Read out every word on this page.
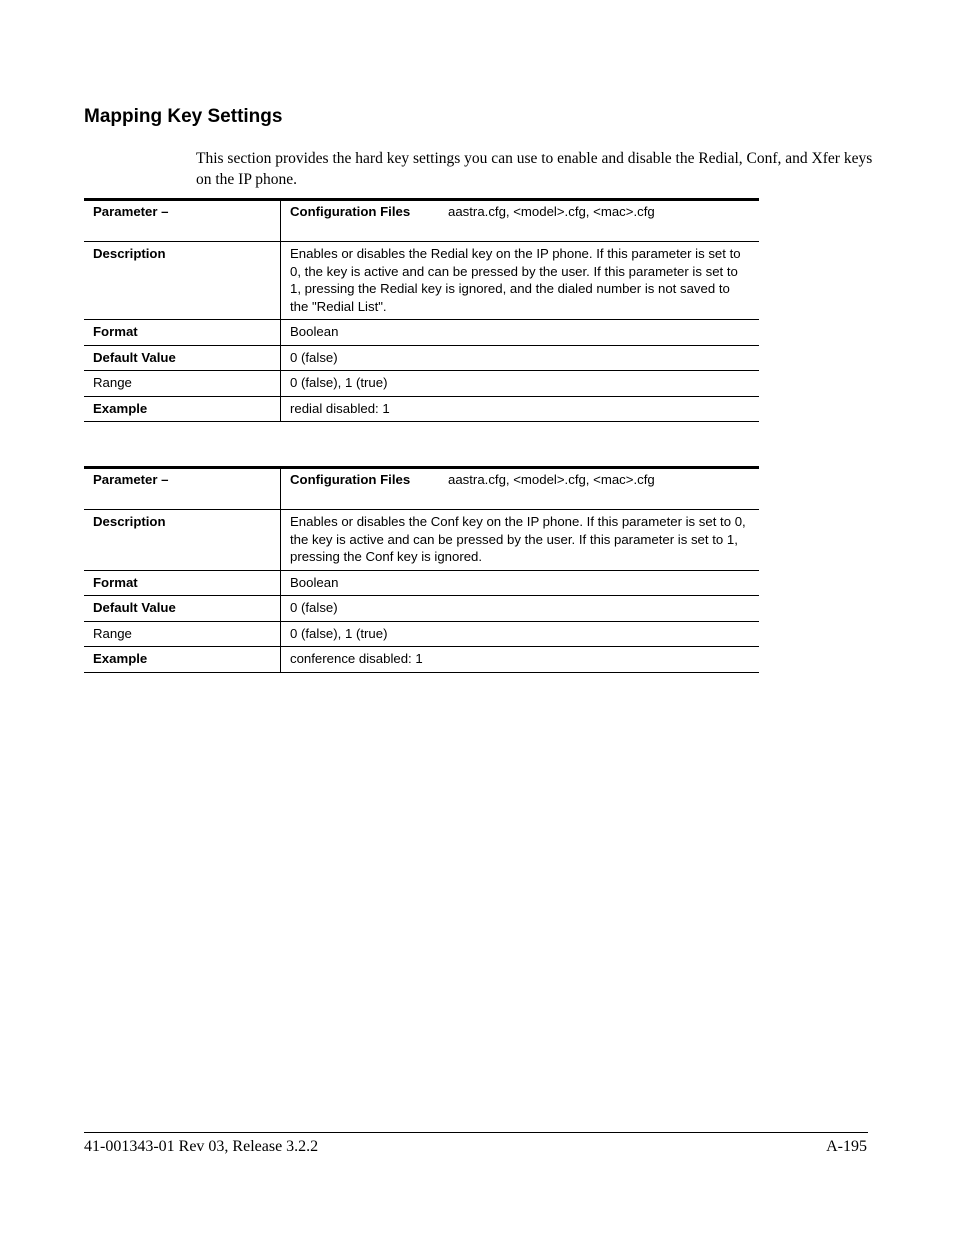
Mapping Key Settings

This section provides the hard key settings you can use to enable and disable the Redial, Conf, and Xfer keys on the IP phone.

Parameter –	Configuration Files aastra.cfg, <model>.cfg, <mac>.cfg
Description	Enables or disables the Redial key on the IP phone. If this parameter is set to 0, the key is active and can be pressed by the user. If this parameter is set to 1, pressing the Redial key is ignored, and the dialed number is not saved to the "Redial List".
Format	Boolean
Default Value	0 (false)
Range	0 (false), 1 (true)
Example	redial disabled: 1
Parameter –	Configuration Files aastra.cfg, <model>.cfg, <mac>.cfg
Description	Enables or disables the Conf key on the IP phone. If this parameter is set to 0, the key is active and can be pressed by the user. If this parameter is set to 1, pressing the Conf key is ignored.
Format	Boolean
Default Value	0 (false)
Range	0 (false), 1 (true)
Example	conference disabled: 1
41-001343-01 Rev 03, Release 3.2.2	A-195
